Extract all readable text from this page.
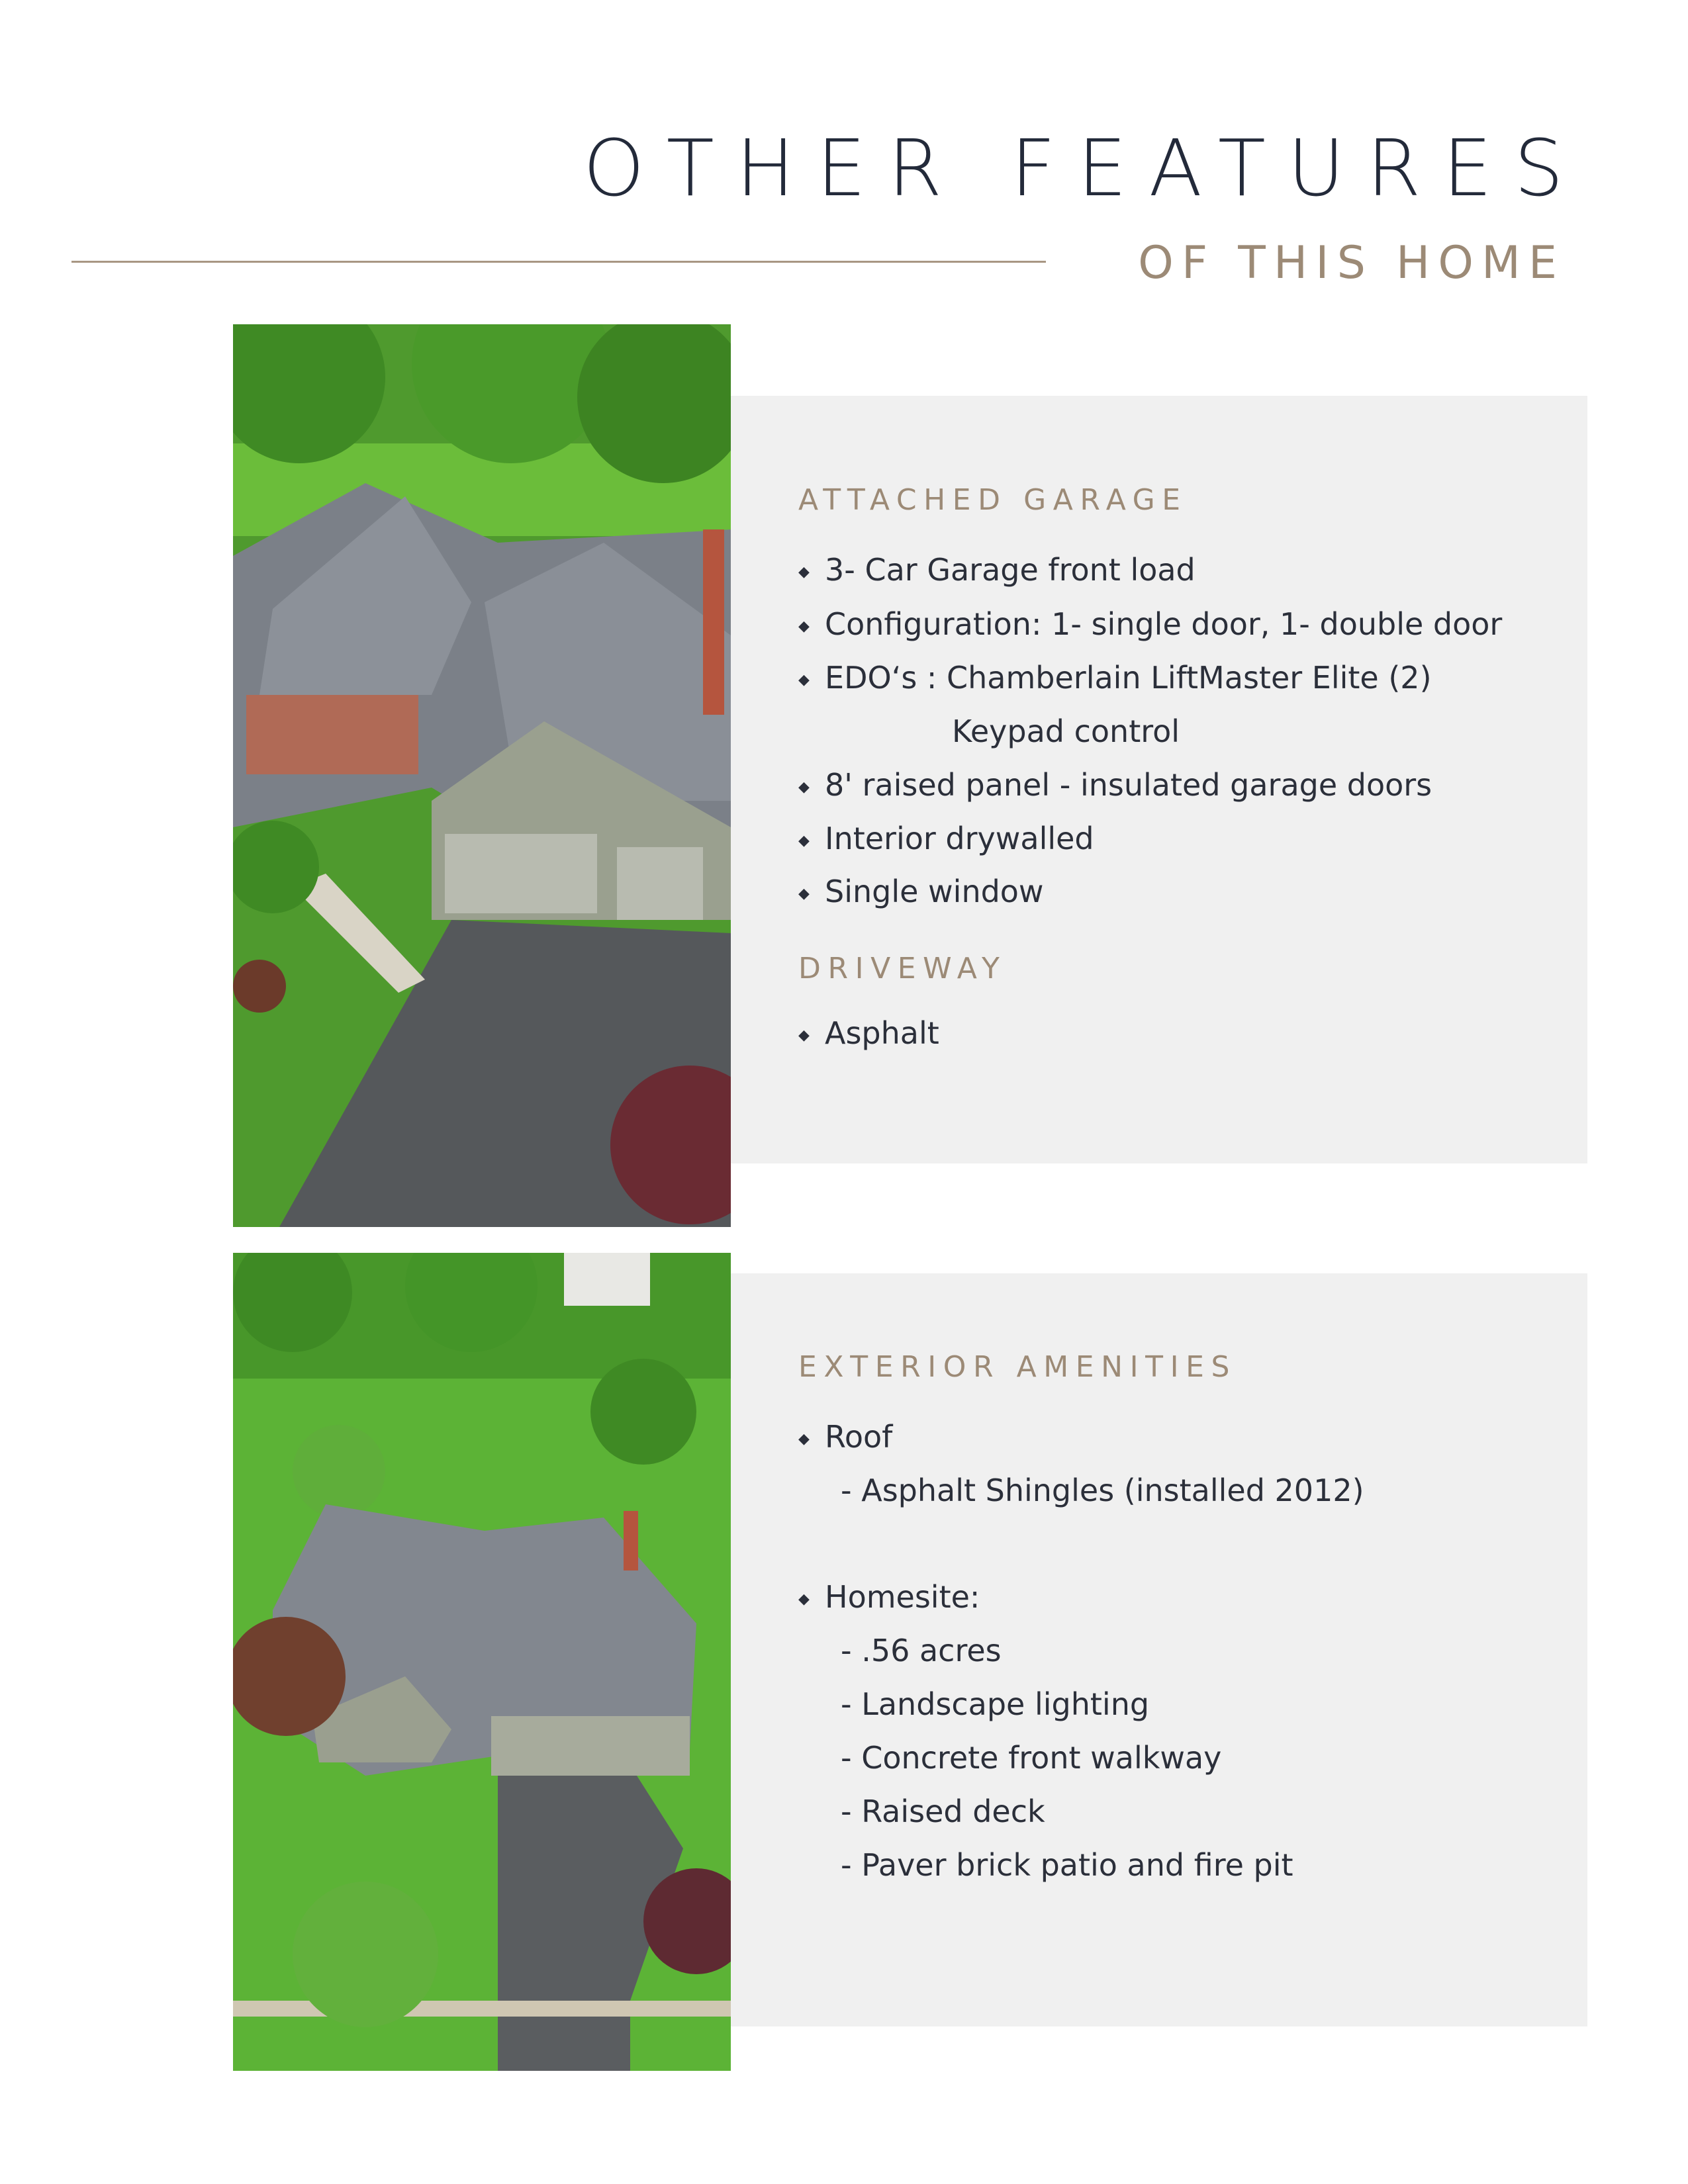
OTHER FEATURES
OF THIS HOME
ATTACHED GARAGE
◆ 3- Car Garage front load
◆ Configuration: 1- single door, 1- double door
◆ EDO‘s : Chamberlain LiftMaster Elite (2)
Keypad control
◆ 8' raised panel - insulated garage doors
◆ Interior drywalled
◆ Single window
DRIVEWAY
◆ Asphalt
EXTERIOR AMENITIES
◆ Roof
- Asphalt Shingles (installed 2012)
◆ Homesite:
- .56 acres
- Landscape lighting
- Concrete front walkway
- Raised deck
- Paver brick patio and fire pit
